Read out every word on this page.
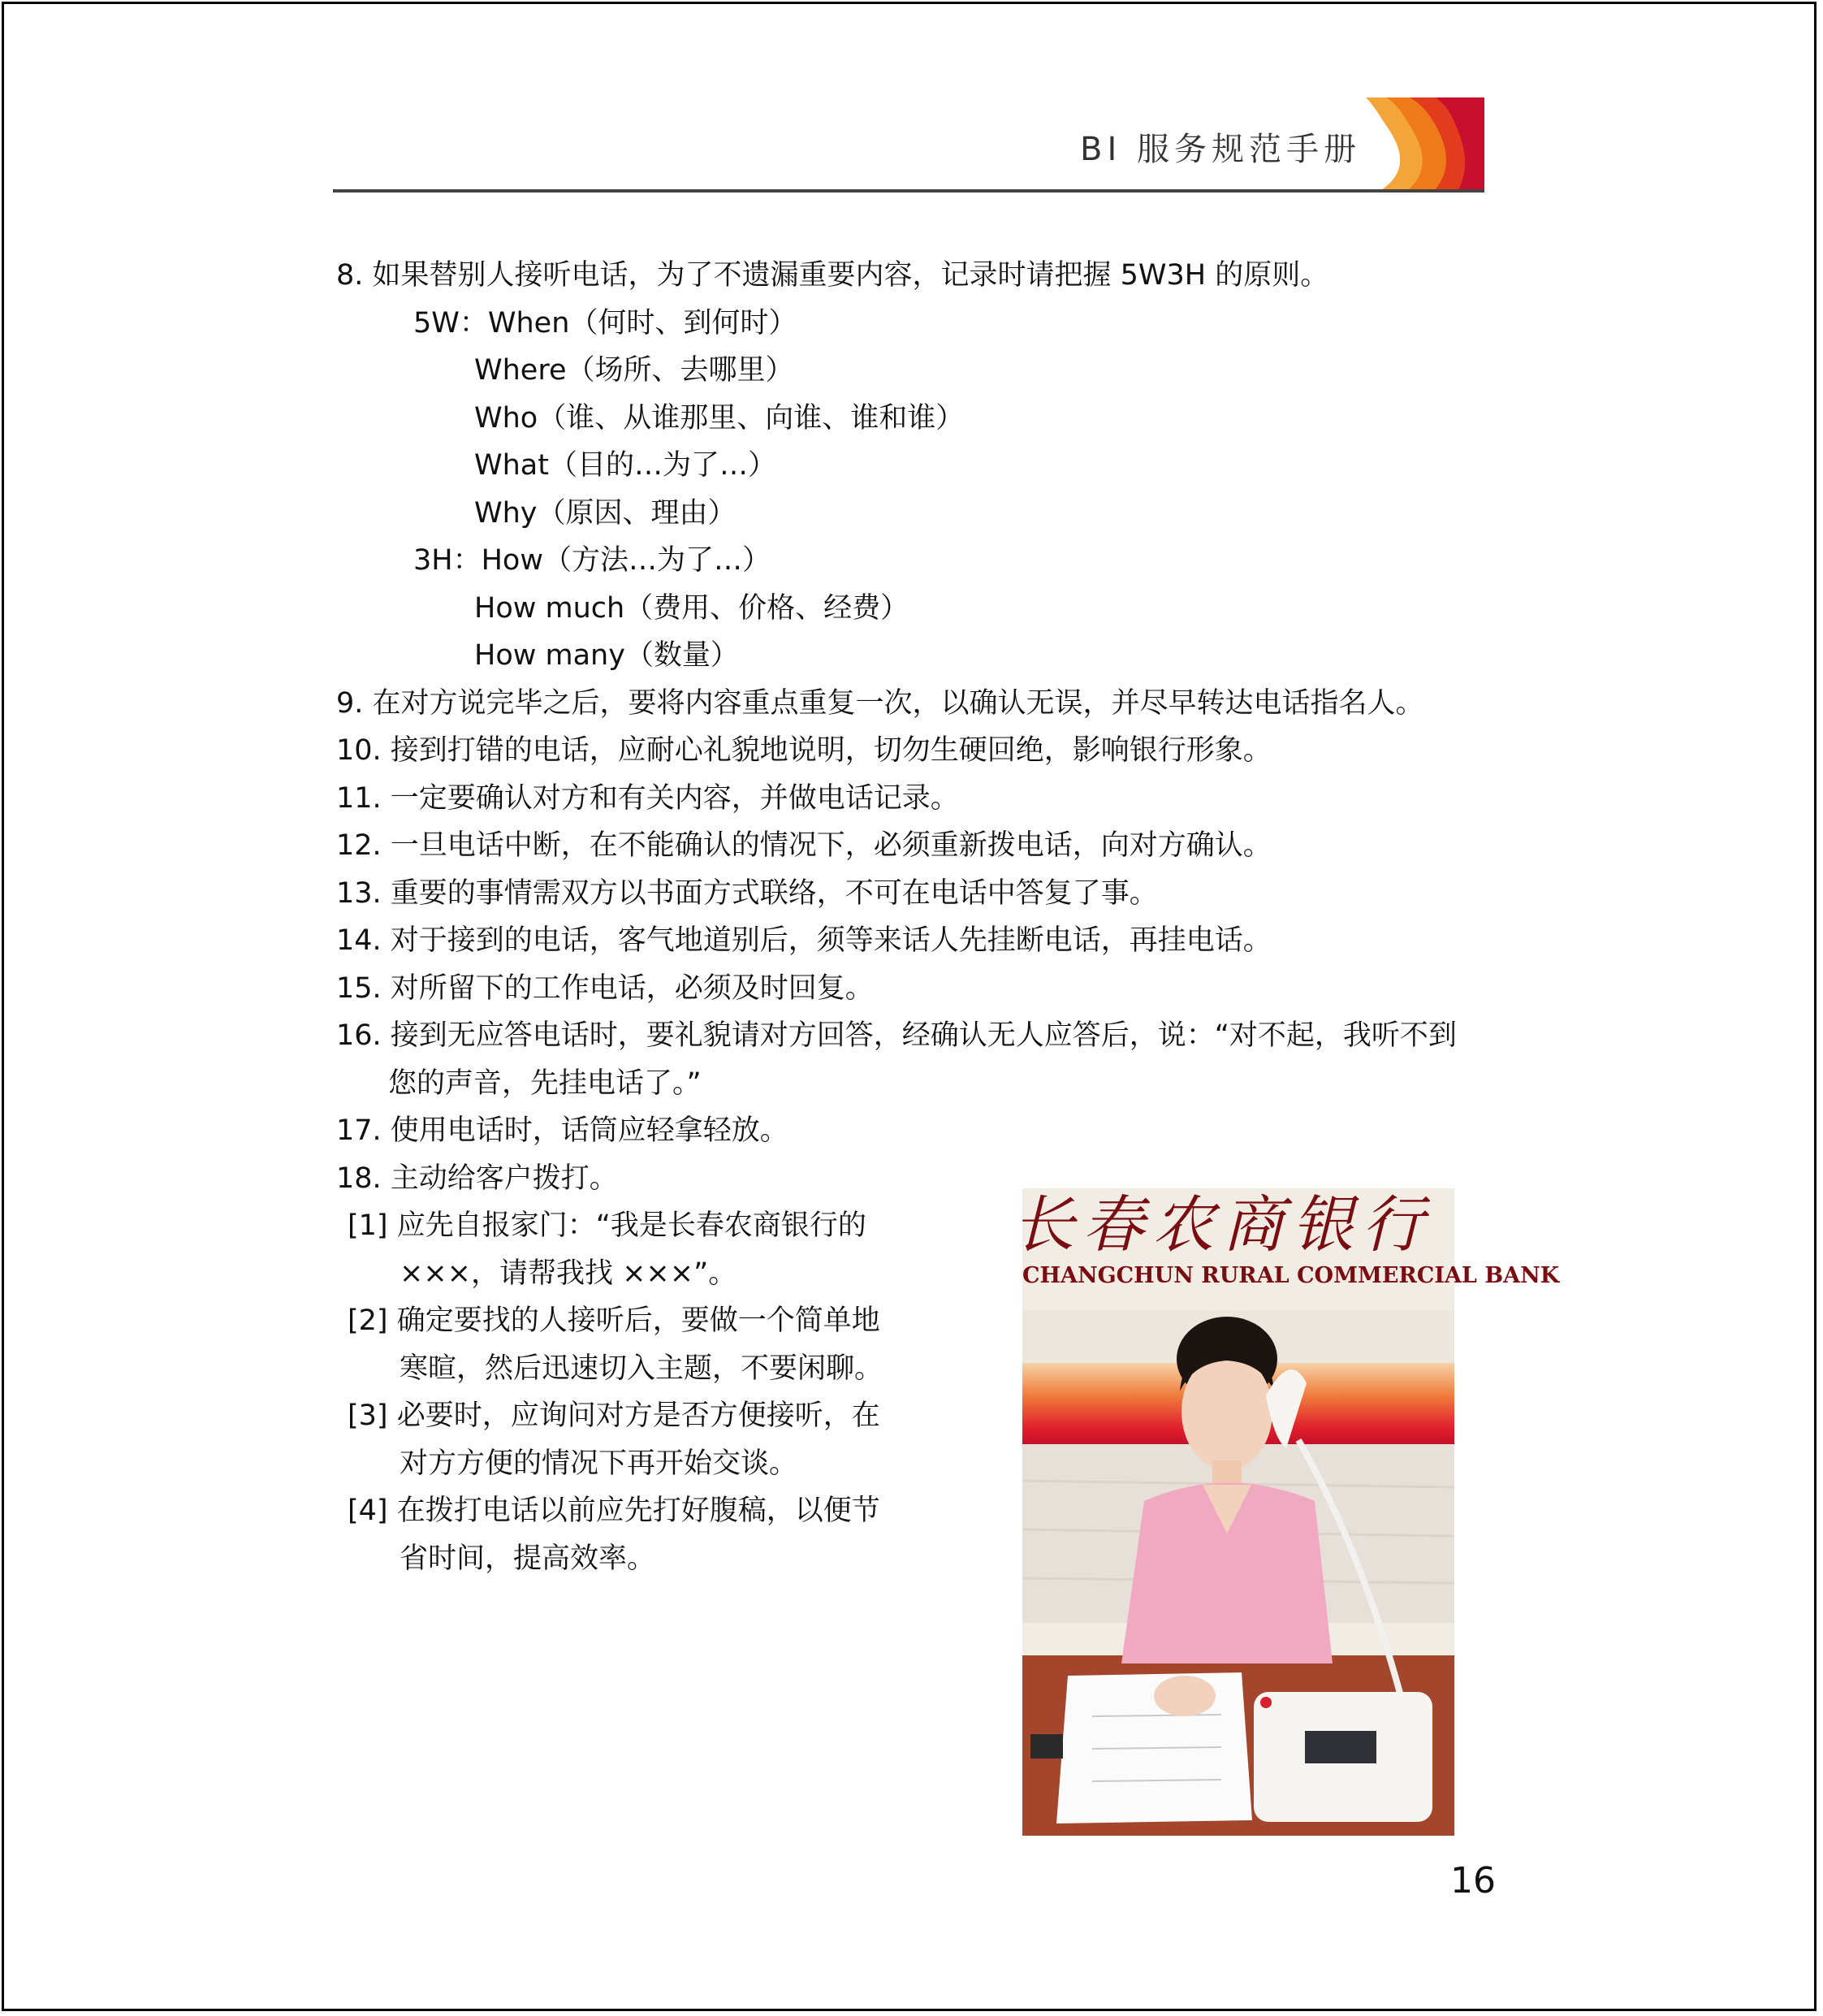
BI 服务规范手册
8. 如果替别人接听电话，为了不遗漏重要内容，记录时请把握 5W3H 的原则。
5W：When（何时、到何时）
Where（场所、去哪里）
Who（谁、从谁那里、向谁、谁和谁）
What（目的…为了…）
Why（原因、理由）
3H：How（方法…为了…）
How much（费用、价格、经费）
How many（数量）
9. 在对方说完毕之后，要将内容重点重复一次，以确认无误，并尽早转达电话指名人。
10. 接到打错的电话，应耐心礼貌地说明，切勿生硬回绝，影响银行形象。
11. 一定要确认对方和有关内容，并做电话记录。
12. 一旦电话中断，在不能确认的情况下，必须重新拨电话，向对方确认。
13. 重要的事情需双方以书面方式联络，不可在电话中答复了事。
14. 对于接到的电话，客气地道别后，须等来话人先挂断电话，再挂电话。
15. 对所留下的工作电话，必须及时回复。
16. 接到无应答电话时，要礼貌请对方回答，经确认无人应答后，说：“对不起，我听不到
您的声音，先挂电话了。”
17. 使用电话时，话筒应轻拿轻放。
18. 主动给客户拨打。
[1] 应先自报家门：“我是长春农商银行的
×××，请帮我找 ×××”。
[2] 确定要找的人接听后，要做一个简单地
寒暄，然后迅速切入主题，不要闲聊。
[3] 必要时，应询问对方是否方便接听，在
对方方便的情况下再开始交谈。
[4] 在拨打电话以前应先打好腹稿，以便节
省时间，提高效率。
长春农商银行
CHANGCHUN RURAL COMMERCIAL BANK
16
